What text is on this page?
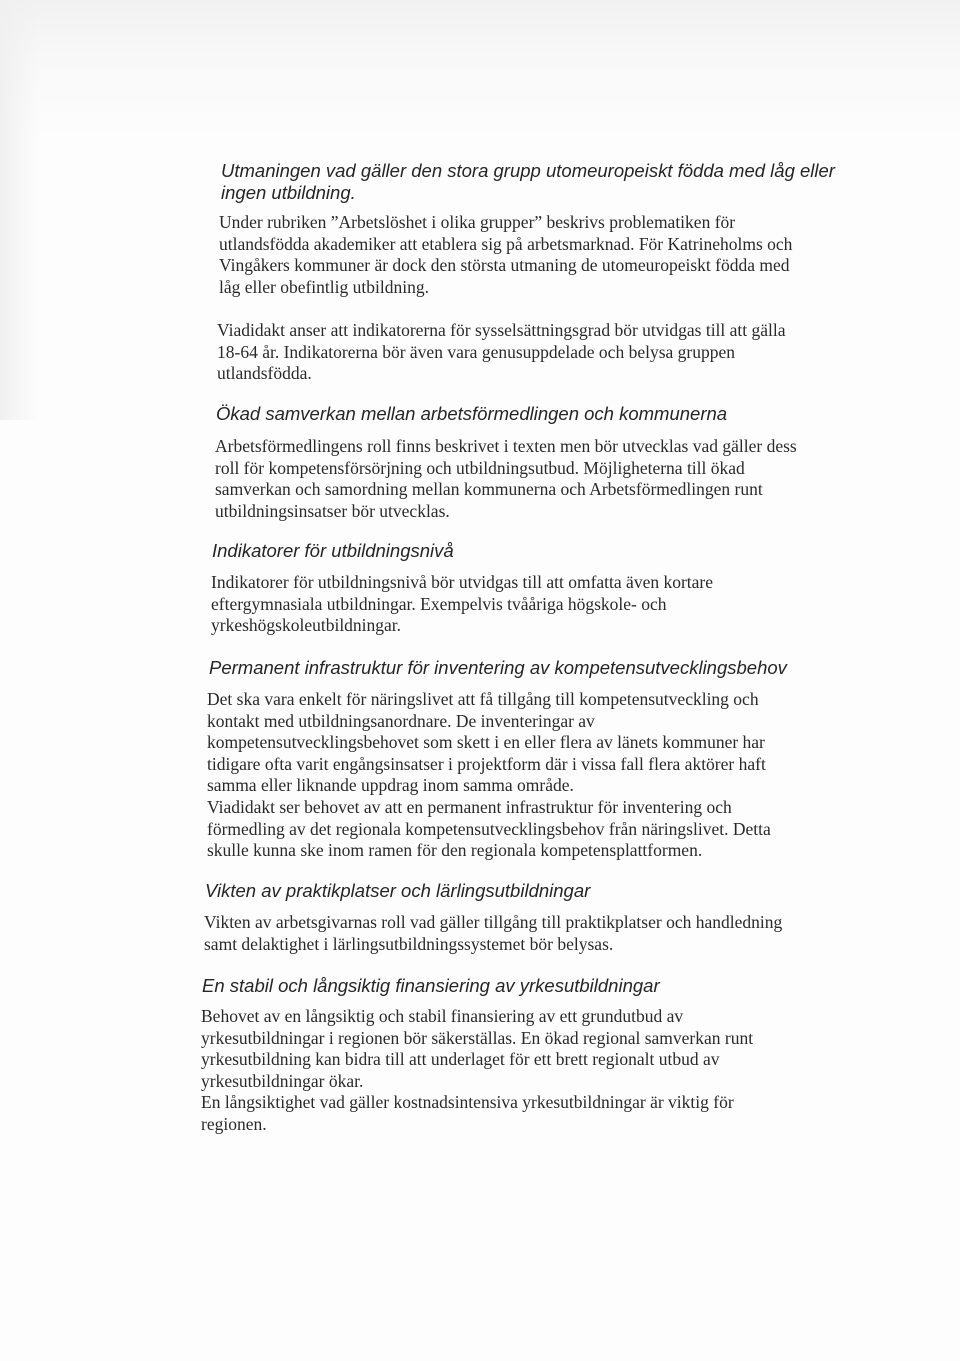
Utmaningen vad gäller den stora grupp utomeuropeiskt födda med låg eller
ingen utbildning.
Under rubriken ”Arbetslöshet i olika grupper” beskrivs problematiken för
utlandsfödda akademiker att etablera sig på arbetsmarknad. För Katrineholms och
Vingåkers kommuner är dock den största utmaning de utomeuropeiskt födda med
låg eller obefintlig utbildning.
Viadidakt anser att indikatorerna för sysselsättningsgrad bör utvidgas till att gälla
18-64 år. Indikatorerna bör även vara genusuppdelade och belysa gruppen
utlandsfödda.
Ökad samverkan mellan arbetsförmedlingen och kommunerna
Arbetsförmedlingens roll finns beskrivet i texten men bör utvecklas vad gäller dess
roll för kompetensförsörjning och utbildningsutbud. Möjligheterna till ökad
samverkan och samordning mellan kommunerna och Arbetsförmedlingen runt
utbildningsinsatser bör utvecklas.
Indikatorer för utbildningsnivå
Indikatorer för utbildningsnivå bör utvidgas till att omfatta även kortare
eftergymnasiala utbildningar. Exempelvis tvååriga högskole- och
yrkeshögskoleutbildningar.
Permanent infrastruktur för inventering av kompetensutvecklingsbehov
Det ska vara enkelt för näringslivet att få tillgång till kompetensutveckling och
kontakt med utbildningsanordnare. De inventeringar av
kompetensutvecklingsbehovet som skett i en eller flera av länets kommuner har
tidigare ofta varit engångsinsatser i projektform där i vissa fall flera aktörer haft
samma eller liknande uppdrag inom samma område.
Viadidakt ser behovet av att en permanent infrastruktur för inventering och
förmedling av det regionala kompetensutvecklingsbehov från näringslivet. Detta
skulle kunna ske inom ramen för den regionala kompetensplattformen.
Vikten av praktikplatser och lärlingsutbildningar
Vikten av arbetsgivarnas roll vad gäller tillgång till praktikplatser och handledning
samt delaktighet i lärlingsutbildningssystemet bör belysas.
En stabil och långsiktig finansiering av yrkesutbildningar
Behovet av en långsiktig och stabil finansiering av ett grundutbud av
yrkesutbildningar i regionen bör säkerställas. En ökad regional samverkan runt
yrkesutbildning kan bidra till att underlaget för ett brett regionalt utbud av
yrkesutbildningar ökar.
En långsiktighet vad gäller kostnadsintensiva yrkesutbildningar är viktig för
regionen.
